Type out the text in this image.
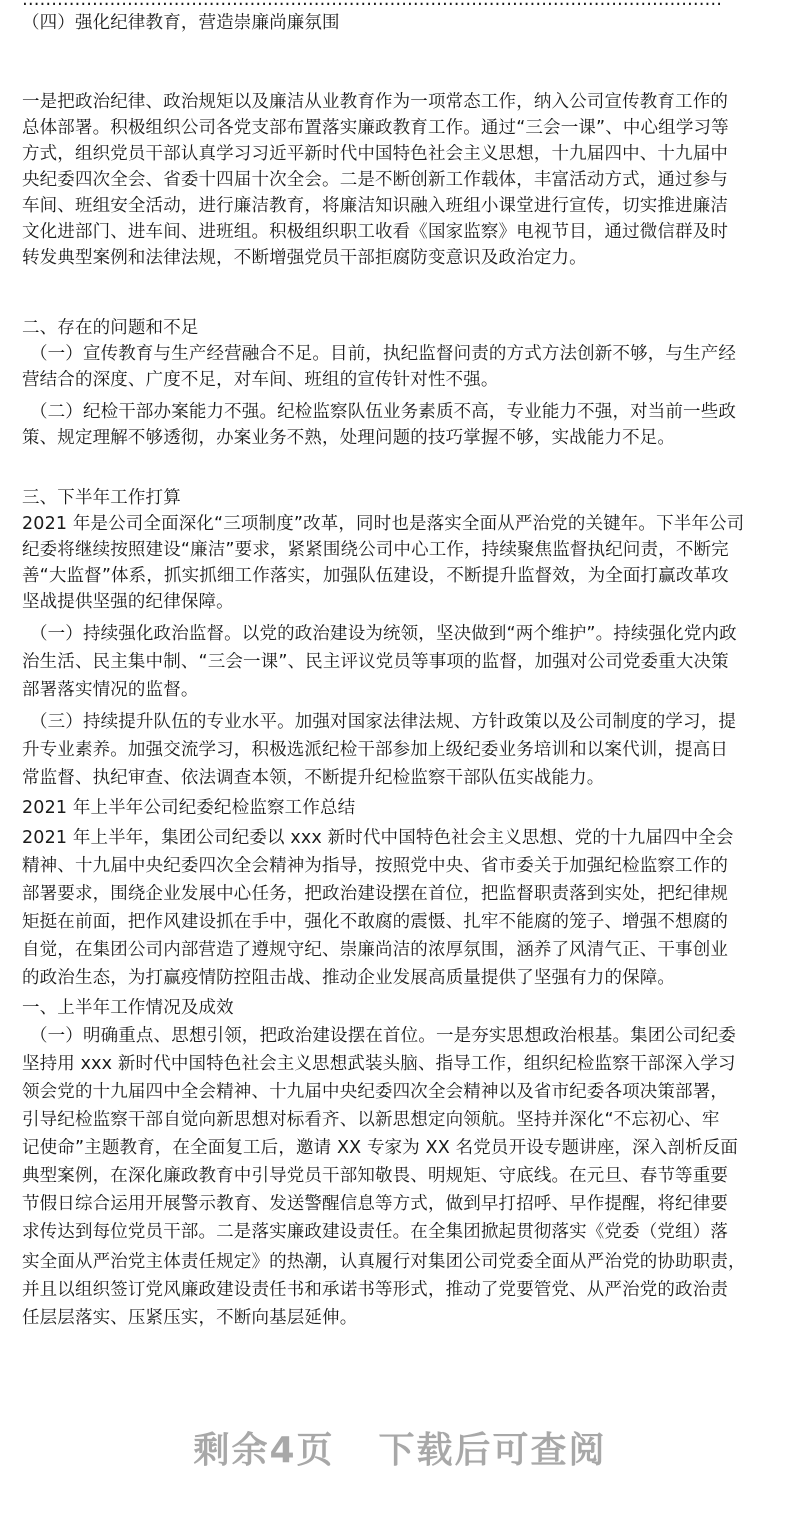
…………………………………………………………………………………………………………
（四）强化纪律教育，营造崇廉尚廉氛围
一是把政治纪律、政治规矩以及廉洁从业教育作为一项常态工作，纳入公司宣传教育工作的
总体部署。积极组织公司各党支部布置落实廉政教育工作。通过“三会一课”、中心组学习等
方式，组织党员干部认真学习习近平新时代中国特色社会主义思想，十九届四中、十九届中
央纪委四次全会、省委十四届十次全会。二是不断创新工作载体，丰富活动方式，通过参与
车间、班组安全活动，进行廉洁教育，将廉洁知识融入班组小课堂进行宣传，切实推进廉洁
文化进部门、进车间、进班组。积极组织职工收看《国家监察》电视节目，通过微信群及时
转发典型案例和法律法规，不断增强党员干部拒腐防变意识及政治定力。
二、存在的问题和不足
（一）宣传教育与生产经营融合不足。目前，执纪监督问责的方式方法创新不够，与生产经
营结合的深度、广度不足，对车间、班组的宣传针对性不强。
（二）纪检干部办案能力不强。纪检监察队伍业务素质不高，专业能力不强，对当前一些政
策、规定理解不够透彻，办案业务不熟，处理问题的技巧掌握不够，实战能力不足。
三、下半年工作打算
2021 年是公司全面深化“三项制度”改革，同时也是落实全面从严治党的关键年。下半年公司
纪委将继续按照建设“廉洁”要求，紧紧围绕公司中心工作，持续聚焦监督执纪问责，不断完
善“大监督”体系，抓实抓细工作落实，加强队伍建设，不断提升监督效，为全面打赢改革攻
坚战提供坚强的纪律保障。
（一）持续强化政治监督。以党的政治建设为统领，坚决做到“两个维护”。持续强化党内政
治生活、民主集中制、“三会一课”、民主评议党员等事项的监督，加强对公司党委重大决策
部署落实情况的监督。
（三）持续提升队伍的专业水平。加强对国家法律法规、方针政策以及公司制度的学习，提
升专业素养。加强交流学习，积极选派纪检干部参加上级纪委业务培训和以案代训，提高日
常监督、执纪审查、依法调查本领，不断提升纪检监察干部队伍实战能力。
2021 年上半年公司纪委纪检监察工作总结
2021 年上半年，集团公司纪委以 xxx 新时代中国特色社会主义思想、党的十九届四中全会
精神、十九届中央纪委四次全会精神为指导，按照党中央、省市委关于加强纪检监察工作的
部署要求，围绕企业发展中心任务，把政治建设摆在首位，把监督职责落到实处，把纪律规
矩挺在前面，把作风建设抓在手中，强化不敢腐的震慑、扎牢不能腐的笼子、增强不想腐的
自觉，在集团公司内部营造了遵规守纪、崇廉尚洁的浓厚氛围，涵养了风清气正、干事创业
的政治生态，为打赢疫情防控阻击战、推动企业发展高质量提供了坚强有力的保障。
一、上半年工作情况及成效
（一）明确重点、思想引领，把政治建设摆在首位。一是夯实思想政治根基。集团公司纪委
坚持用 xxx 新时代中国特色社会主义思想武装头脑、指导工作，组织纪检监察干部深入学习
领会党的十九届四中全会精神、十九届中央纪委四次全会精神以及省市纪委各项决策部署，
引导纪检监察干部自觉向新思想对标看齐、以新思想定向领航。坚持并深化“不忘初心、牢
记使命”主题教育，在全面复工后，邀请 XX 专家为 XX 名党员开设专题讲座，深入剖析反面
典型案例，在深化廉政教育中引导党员干部知敬畏、明规矩、守底线。在元旦、春节等重要
节假日综合运用开展警示教育、发送警醒信息等方式，做到早打招呼、早作提醒，将纪律要
求传达到每位党员干部。二是落实廉政建设责任。在全集团掀起贯彻落实《党委（党组）落
实全面从严治党主体责任规定》的热潮，认真履行对集团公司党委全面从严治党的协助职责，
并且以组织签订党风廉政建设责任书和承诺书等形式，推动了党要管党、从严治党的政治责
任层层落实、压紧压实，不断向基层延伸。
剩余4页 下载后可查阅
